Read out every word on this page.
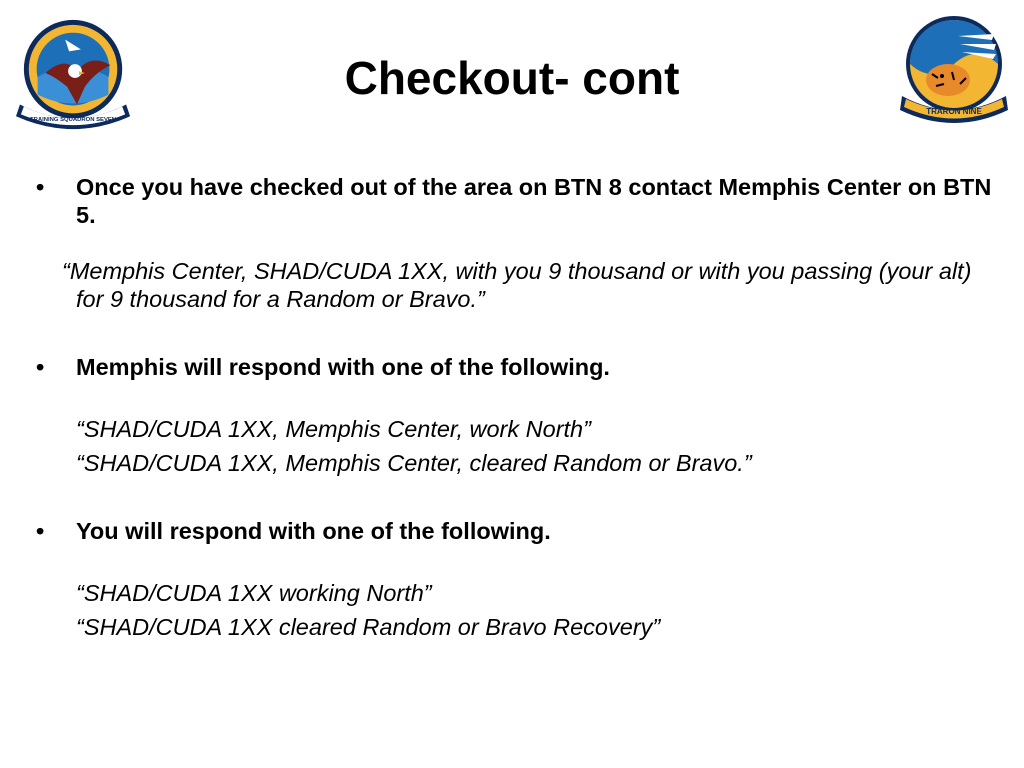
TRAINING SQUADRON SEVEN
TRARON NINE
Checkout- cont
• Once you have checked out of the area on BTN 8 contact Memphis Center on BTN 5.
“Memphis Center, SHAD/CUDA 1XX, with you 9 thousand or with you passing (your alt) for 9 thousand for a Random or Bravo.”
• Memphis will respond with one of the following.
“SHAD/CUDA 1XX, Memphis Center, work North”
“SHAD/CUDA 1XX, Memphis Center, cleared Random or Bravo.”
• You will respond with one of the following.
“SHAD/CUDA 1XX working North”
“SHAD/CUDA 1XX cleared Random or Bravo Recovery”
